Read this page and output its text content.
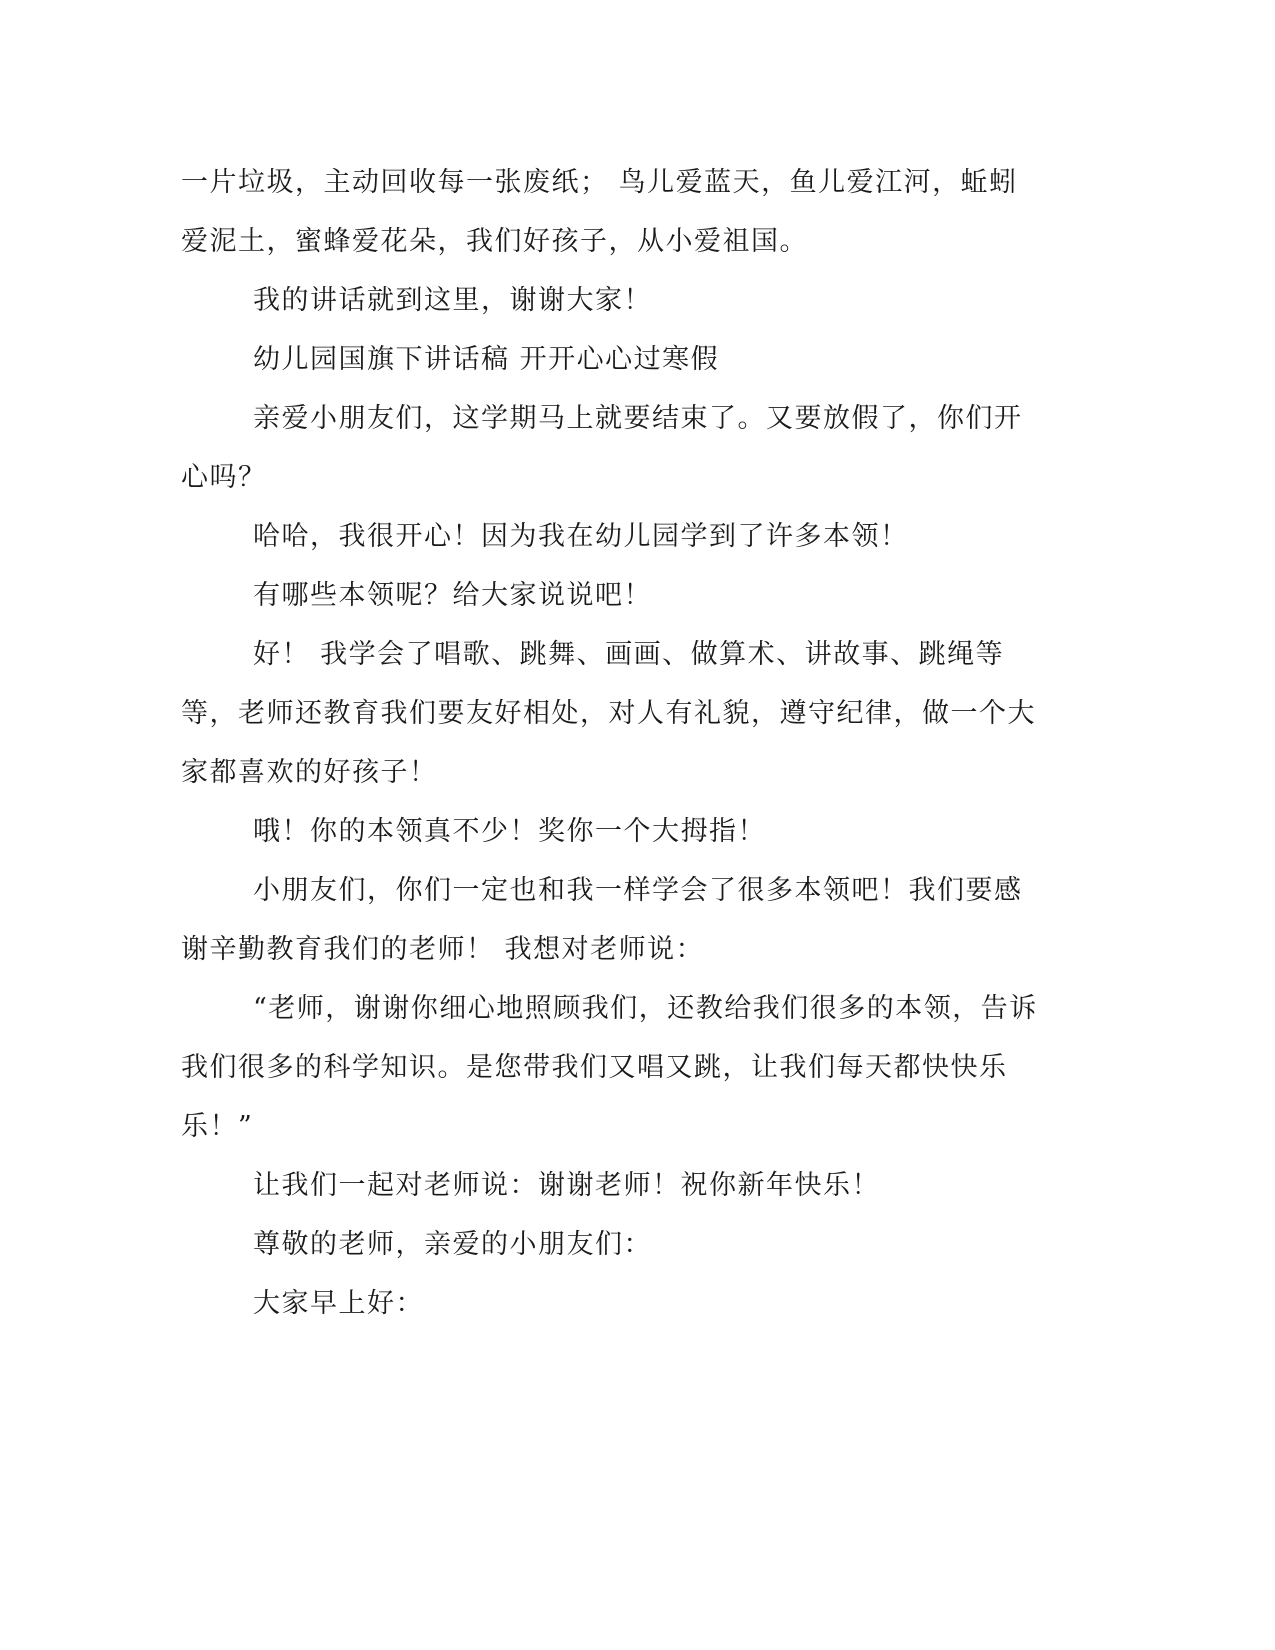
一片垃圾，主动回收每一张废纸； 鸟儿爱蓝天，鱼儿爱江河，蚯蚓爱泥土，蜜蜂爱花朵，我们好孩子，从小爱祖国。

我的讲话就到这里，谢谢大家！

幼儿园国旗下讲话稿 开开心心过寒假

亲爱小朋友们，这学期马上就要结束了。又要放假了，你们开心吗？

哈哈，我很开心！因为我在幼儿园学到了许多本领！

有哪些本领呢？给大家说说吧！

好！ 我学会了唱歌、跳舞、画画、做算术、讲故事、跳绳等等，老师还教育我们要友好相处，对人有礼貌，遵守纪律，做一个大家都喜欢的好孩子！

哦！你的本领真不少！奖你一个大拇指！

小朋友们，你们一定也和我一样学会了很多本领吧！我们要感谢辛勤教育我们的老师！ 我想对老师说：

“老师，谢谢你细心地照顾我们，还教给我们很多的本领，告诉我们很多的科学知识。是您带我们又唱又跳，让我们每天都快快乐乐！”

让我们一起对老师说：谢谢老师！祝你新年快乐！

尊敬的老师，亲爱的小朋友们：

大家早上好：
